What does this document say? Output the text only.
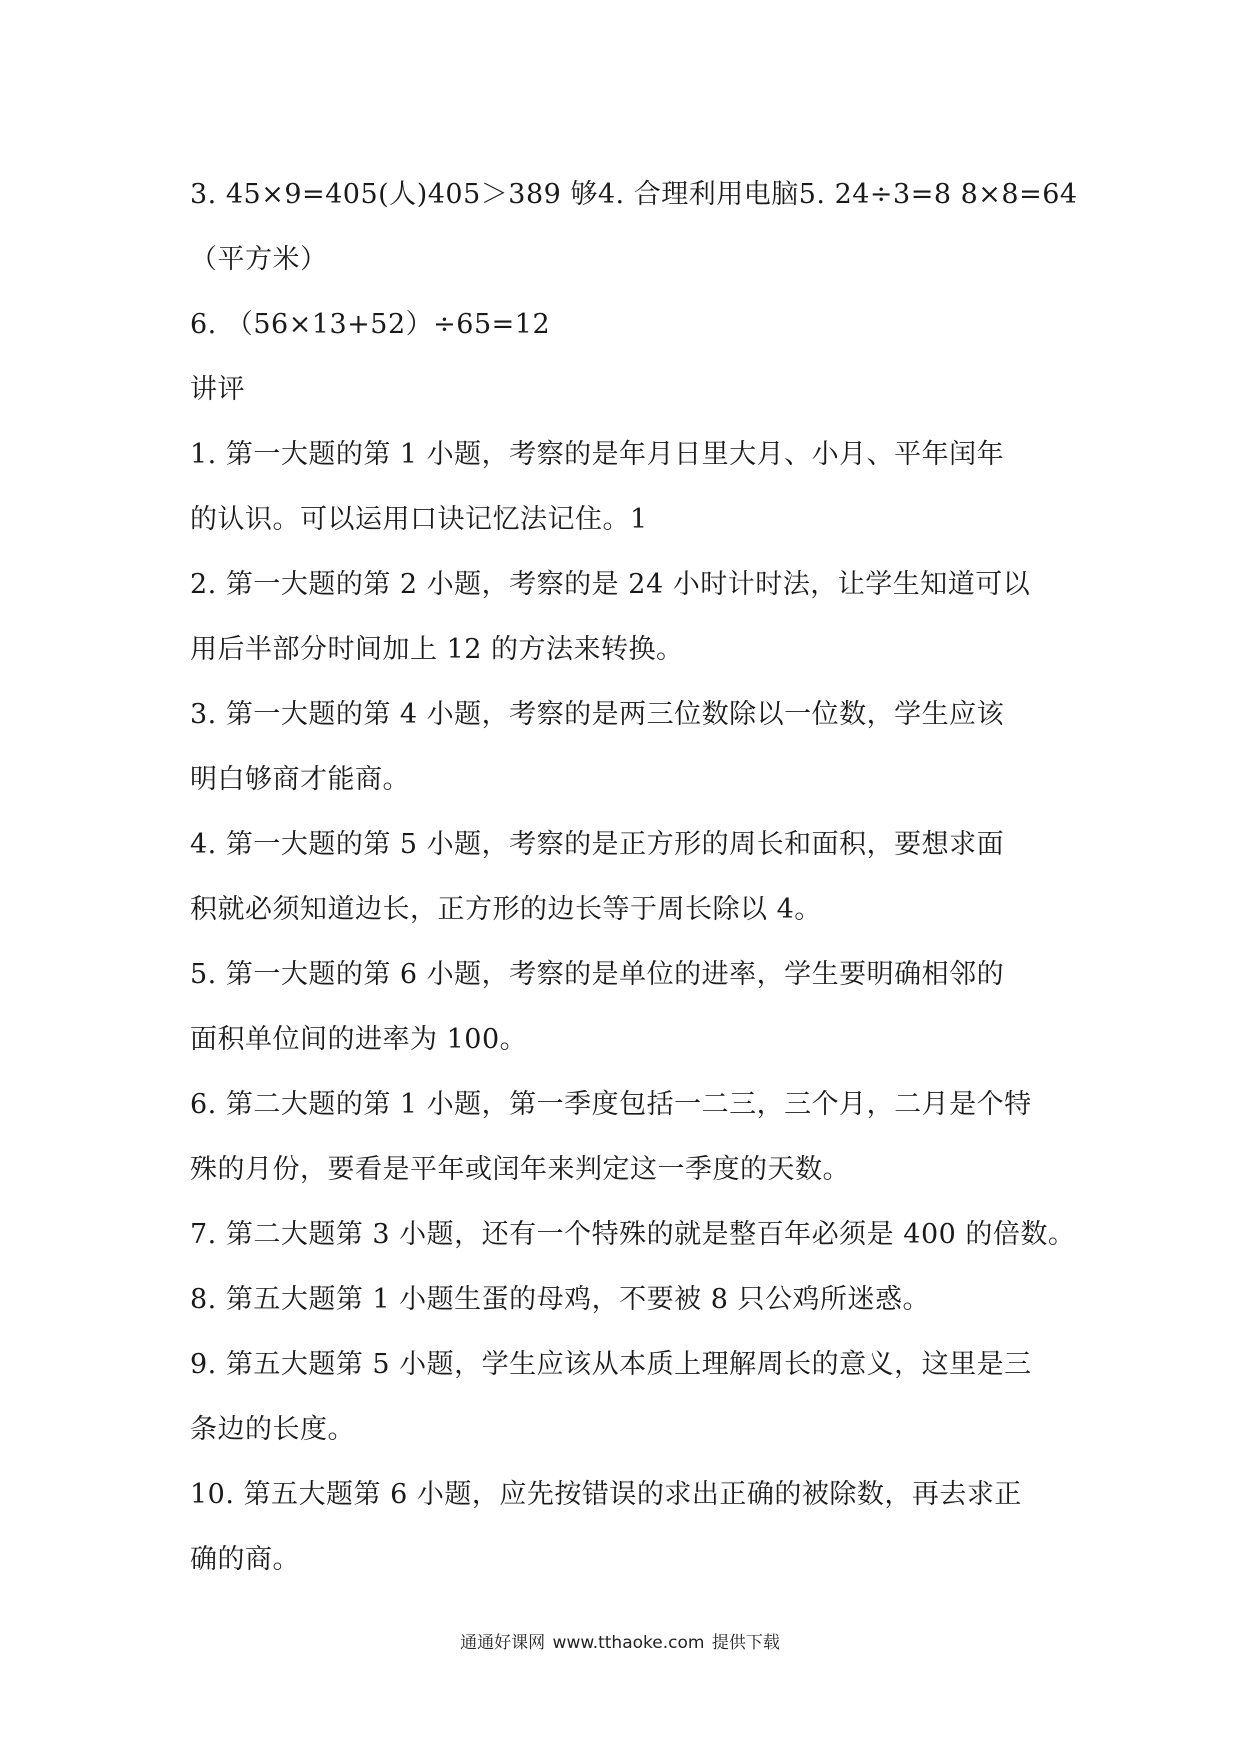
3. 45×9=405(人)405＞389 够4. 合理利用电脑5. 24÷3=8 8×8=64
（平方米）
6. （56×13+52）÷65=12
讲评
1. 第一大题的第 1 小题，考察的是年月日里大月、小月、平年闰年
的认识。可以运用口诀记忆法记住。1
2. 第一大题的第 2 小题，考察的是 24 小时计时法，让学生知道可以
用后半部分时间加上 12 的方法来转换。
3. 第一大题的第 4 小题，考察的是两三位数除以一位数，学生应该
明白够商才能商。
4. 第一大题的第 5 小题，考察的是正方形的周长和面积，要想求面
积就必须知道边长，正方形的边长等于周长除以 4。
5. 第一大题的第 6 小题，考察的是单位的进率，学生要明确相邻的
面积单位间的进率为 100。
6. 第二大题的第 1 小题，第一季度包括一二三，三个月，二月是个特
殊的月份，要看是平年或闰年来判定这一季度的天数。
7. 第二大题第 3 小题，还有一个特殊的就是整百年必须是 400 的倍数。
8. 第五大题第 1 小题生蛋的母鸡，不要被 8 只公鸡所迷惑。
9. 第五大题第 5 小题，学生应该从本质上理解周长的意义，这里是三
条边的长度。
10. 第五大题第 6 小题，应先按错误的求出正确的被除数，再去求正
确的商。
通通好课网 www.tthaoke.com 提供下载
